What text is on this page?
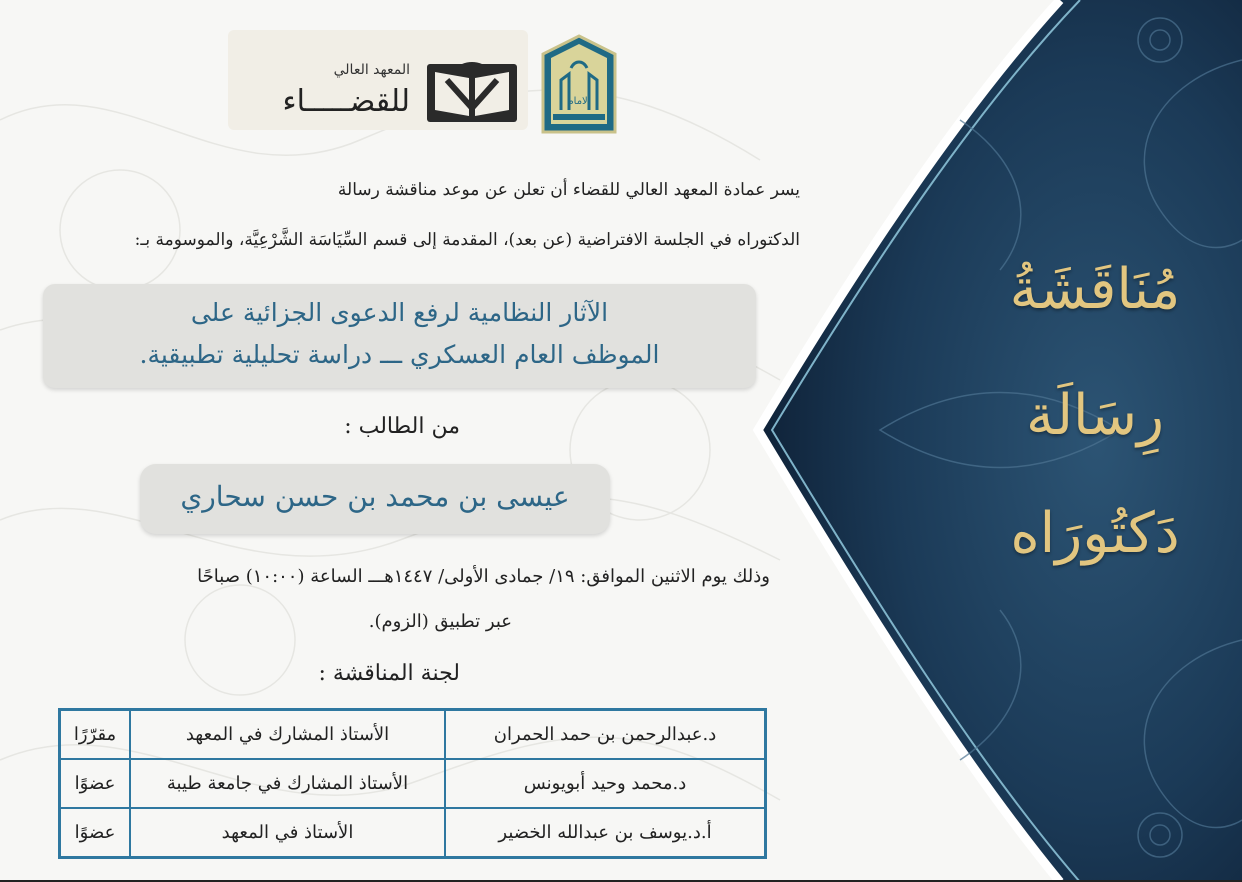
مُنَاقَشَةُ
رِسَالَة
دَكتُورَاه
المعهد العالي
للقضـــــاء	الامام
يسر عمادة المعهد العالي للقضاء أن تعلن عن موعد مناقشة رسالة
الدكتوراه في الجلسة الافتراضية (عن بعد)، المقدمة إلى قسم السِّيَاسَة الشَّرْعِيَّة، والموسومة بـ:
الآثار النظامية لرفع الدعوى الجزائية على
الموظف العام العسكري ـــ دراسة تحليلية تطبيقية.
من الطالب :
عيسى بن محمد بن حسن سحاري
وذلك يوم الاثنين الموافق: ١٩/ جمادى الأولى/ ١٤٤٧هـــ الساعة (١٠:٠٠) صباحًا
عبر تطبيق (الزوم).
لجنة المناقشة :
د.عبدالرحمن بن حمد الحمران	الأستاذ المشارك في المعهد	مقرّرًا
د.محمد وحيد أبويونس	الأستاذ المشارك في جامعة طيبة	عضوًا
أ.د.يوسف بن عبدالله الخضير	الأستاذ في المعهد	عضوًا
